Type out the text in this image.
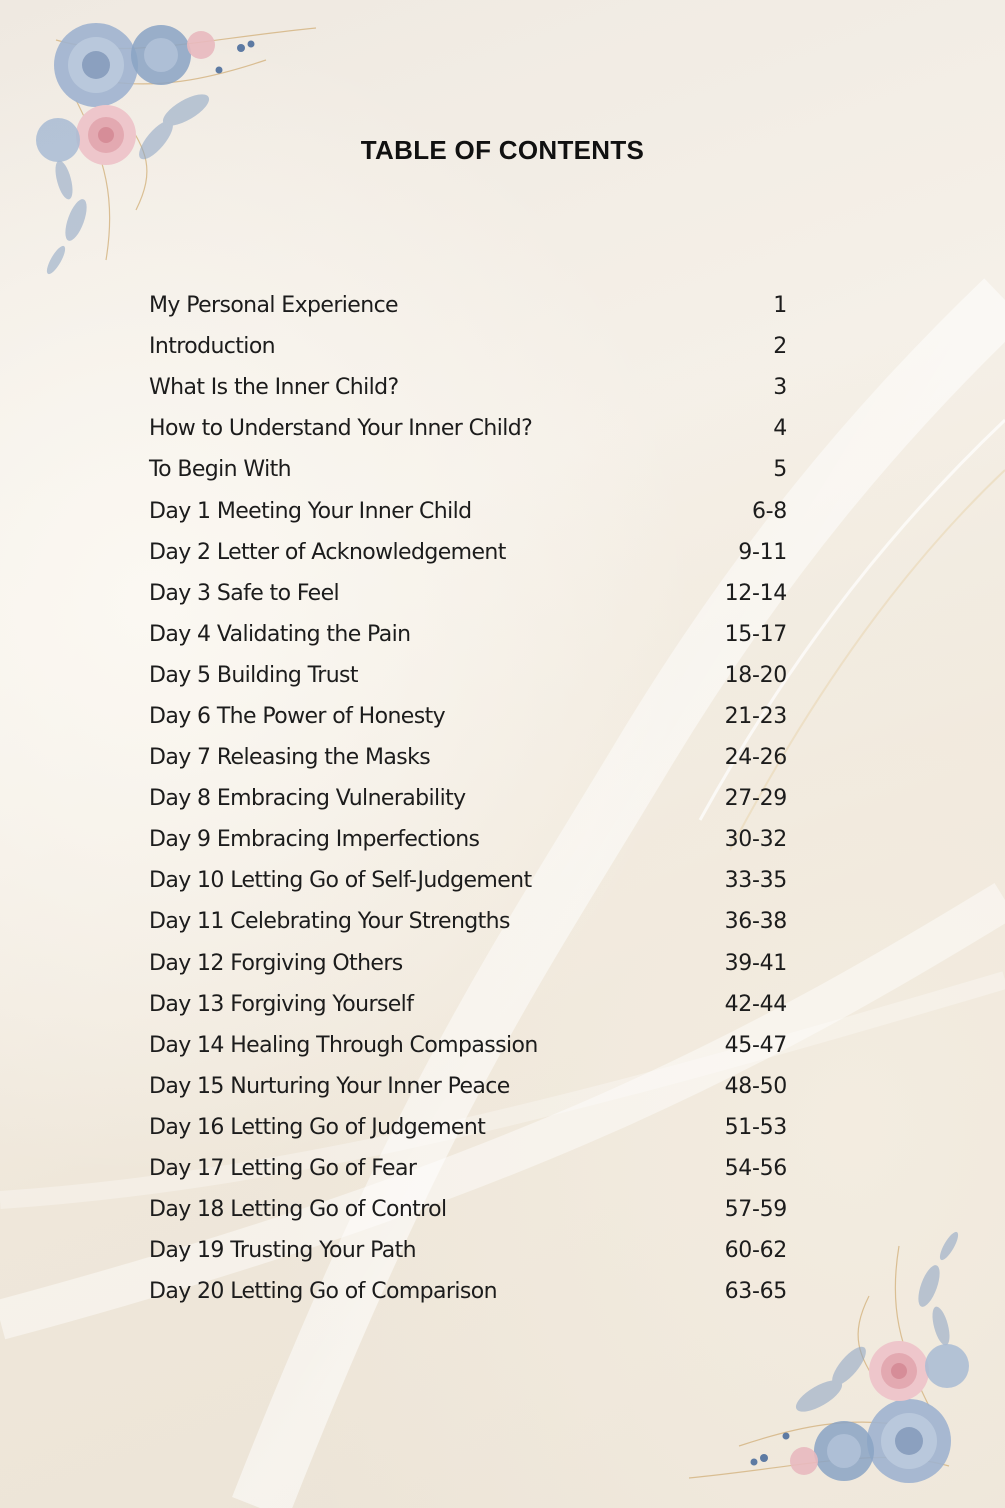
TABLE OF CONTENTS
My Personal Experience	1
Introduction	2
What Is the Inner Child?	3
How to Understand Your Inner Child?	4
To Begin With	5
Day 1 Meeting Your Inner Child	6-8
Day 2 Letter of Acknowledgement	9-11
Day 3 Safe to Feel	12-14
Day 4 Validating the Pain	15-17
Day 5 Building Trust	18-20
Day 6 The Power of Honesty	21-23
Day 7 Releasing the Masks	24-26
Day 8 Embracing Vulnerability	27-29
Day 9 Embracing Imperfections	30-32
Day 10 Letting Go of Self-Judgement	33-35
Day 11 Celebrating Your Strengths	36-38
Day 12 Forgiving Others	39-41
Day 13 Forgiving Yourself	42-44
Day 14 Healing Through Compassion	45-47
Day 15 Nurturing Your Inner Peace	48-50
Day 16 Letting Go of Judgement	51-53
Day 17 Letting Go of Fear	54-56
Day 18 Letting Go of Control	57-59
Day 19 Trusting Your Path	60-62
Day 20 Letting Go of Comparison	63-65
